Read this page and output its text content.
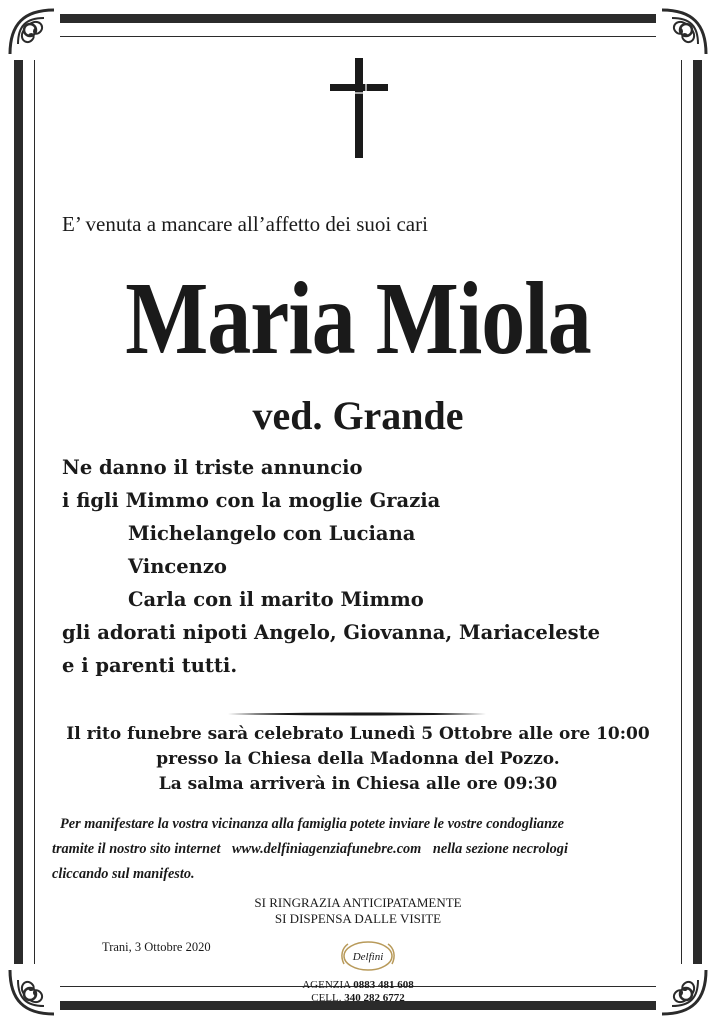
E’ venuta a mancare all’affetto dei suoi cari
Maria Miola
ved. Grande
Ne danno il triste annuncio
i figli Mimmo con la moglie Grazia
Michelangelo con Luciana
Vincenzo
Carla con il marito Mimmo
gli adorati nipoti Angelo, Giovanna, Mariaceleste
e i parenti tutti.
Il rito funebre sarà celebrato Lunedì 5 Ottobre alle ore 10:00
presso la Chiesa della Madonna del Pozzo.
La salma arriverà in Chiesa alle ore 09:30
Per manifestare la vostra vicinanza alla famiglia potete inviare le vostre condoglianze
tramite il nostro sito internet www.delfiniagenziafunebre.com nella sezione necrologi
cliccando sul manifesto.
SI RINGRAZIA ANTICIPATAMENTE
SI DISPENSA DALLE VISITE
Trani, 3 Ottobre 2020
Delfini
AGENZIA 0883 481 608
CELL. 340 282 6772
